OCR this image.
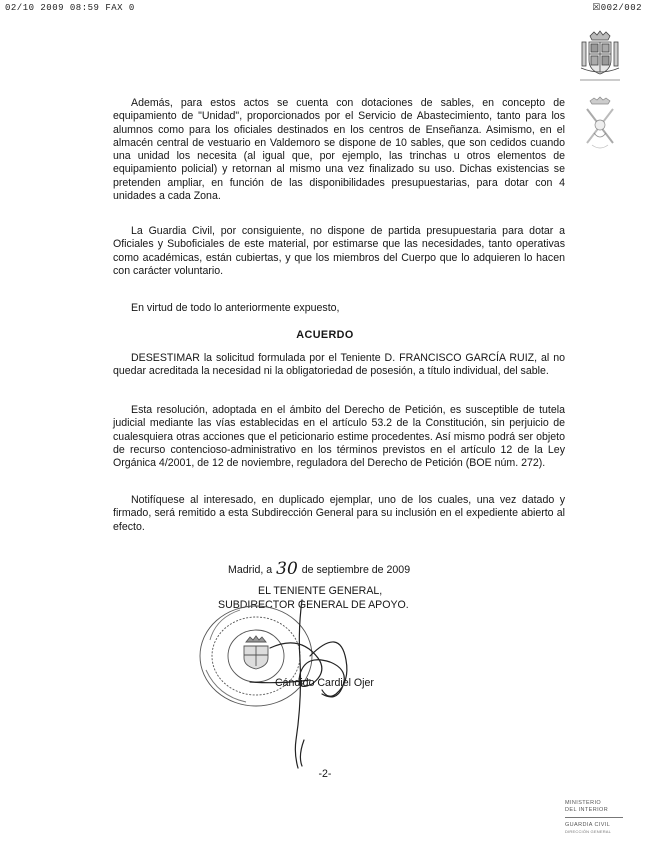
02/10 2009 08:59 FAX 0	☒002/002

Además, para estos actos se cuenta con dotaciones de sables, en concepto de equipamiento de "Unidad", proporcionados por el Servicio de Abastecimiento, tanto para los alumnos como para los oficiales destinados en los centros de Enseñanza. Asimismo, en el almacén central de vestuario en Valdemoro se dispone de 10 sables, que son cedidos cuando una unidad los necesita (al igual que, por ejemplo, las trinchas u otros elementos de equipamiento policial) y retornan al mismo una vez finalizado su uso. Dichas existencias se pretenden ampliar, en función de las disponibilidades presupuestarias, para dotar con 4 unidades a cada Zona.

La Guardia Civil, por consiguiente, no dispone de partida presupuestaria para dotar a Oficiales y Suboficiales de este material, por estimarse que las necesidades, tanto operativas como académicas, están cubiertas, y que los miembros del Cuerpo que lo adquieren lo hacen con carácter voluntario.

En virtud de todo lo anteriormente expuesto,

ACUERDO

DESESTIMAR la solicitud formulada por el Teniente D. FRANCISCO GARCÍA RUIZ, al no quedar acreditada la necesidad ni la obligatoriedad de posesión, a título individual, del sable.

Esta resolución, adoptada en el ámbito del Derecho de Petición, es susceptible de tutela judicial mediante las vías establecidas en el artículo 53.2 de la Constitución, sin perjuicio de cualesquiera otras acciones que el peticionario estime procedentes. Así mismo podrá ser objeto de recurso contencioso-administrativo en los términos previstos en el artículo 12 de la Ley Orgánica 4/2001, de 12 de noviembre, reguladora del Derecho de Petición (BOE núm. 272).

Notifíquese al interesado, en duplicado ejemplar, uno de los cuales, una vez datado y firmado, será remitido a esta Subdirección General para su inclusión en el expediente abierto al efecto.

Madrid, a 30 de septiembre de 2009
EL TENIENTE GENERAL,
SUBDIRECTOR GENERAL DE APOYO.
Cándido Cardiel Ojer
-2-
MINISTERIO
DEL INTERIOR
GUARDIA CIVIL
DIRECCIÓN GENERAL
